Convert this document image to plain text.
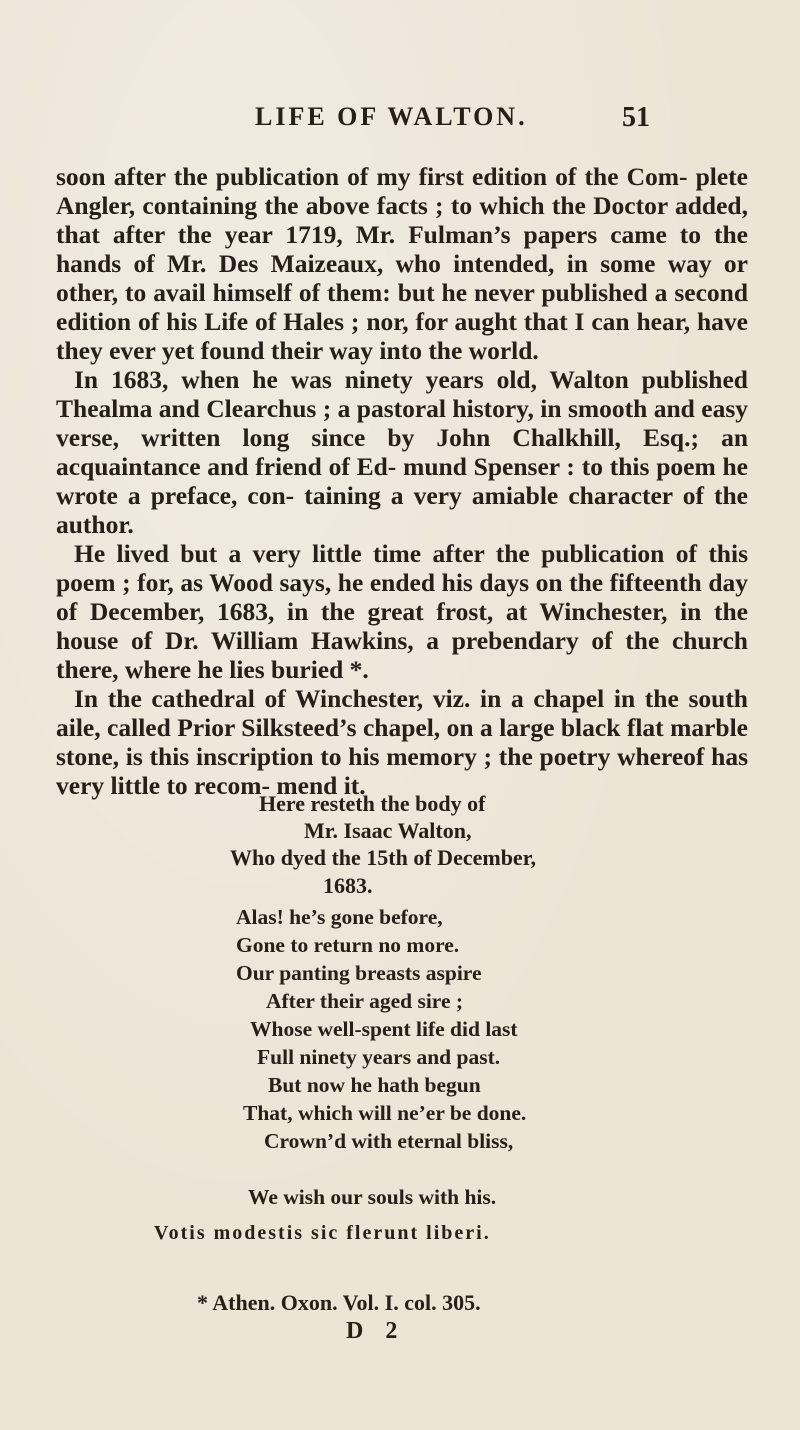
LIFE OF WALTON.	51

soon after the publication of my first edition of the Com- plete Angler, containing the above facts ; to which the Doctor added, that after the year 1719, Mr. Fulman’s papers came to the hands of Mr. Des Maizeaux, who intended, in some way or other, to avail himself of them: but he never published a second edition of his Life of Hales ; nor, for aught that I can hear, have they ever yet found their way into the world.

In 1683, when he was ninety years old, Walton published Thealma and Clearchus ; a pastoral history, in smooth and easy verse, written long since by John Chalkhill, Esq.; an acquaintance and friend of Ed- mund Spenser : to this poem he wrote a preface, con- taining a very amiable character of the author.

He lived but a very little time after the publication of this poem ; for, as Wood says, he ended his days on the fifteenth day of December, 1683, in the great frost, at Winchester, in the house of Dr. William Hawkins, a prebendary of the church there, where he lies buried *.

In the cathedral of Winchester, viz. in a chapel in the south aile, called Prior Silksteed’s chapel, on a large black flat marble stone, is this inscription to his memory ; the poetry whereof has very little to recom- mend it.

Here resteth the body of
Mr. Isaac Walton,
Who dyed the 15th of December,
1683.
Alas! he’s gone before,
Gone to return no more.
Our panting breasts aspire
After their aged sire ;
Whose well-spent life did last
Full ninety years and past.
But now he hath begun
That, which will ne’er be done.
Crown’d with eternal bliss,
We wish our souls with his.
Votis modestis sic flerunt liberi.
* Athen. Oxon. Vol. I. col. 305.
D 2
